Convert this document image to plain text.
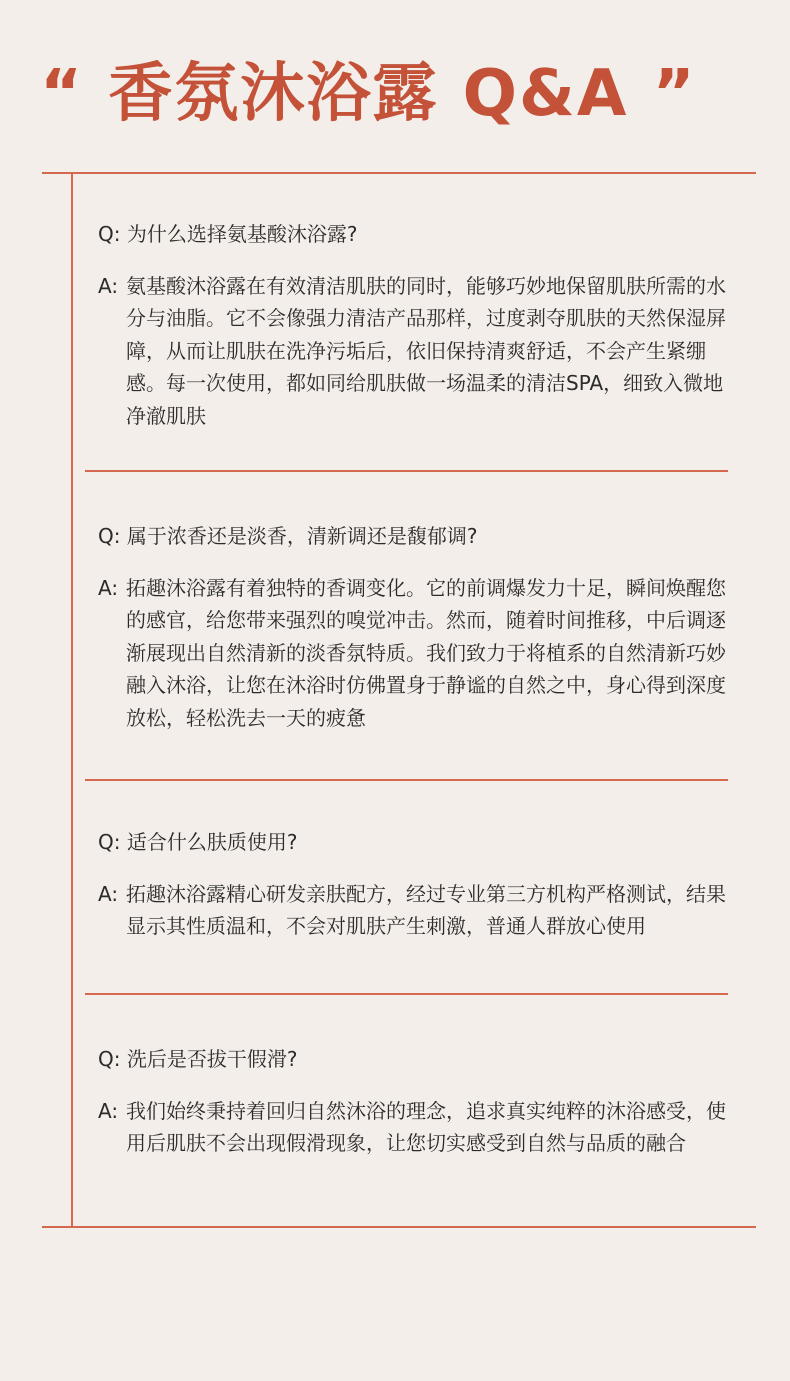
“ 香氛沐浴露 Q&A ”
Q: 为什么选择氨基酸沐浴露?
A: 氨基酸沐浴露在有效清洁肌肤的同时，能够巧妙地保留肌肤所需的水分与油脂。它不会像强力清洁产品那样，过度剥夺肌肤的天然保湿屏障，从而让肌肤在洗净污垢后，依旧保持清爽舒适，不会产生紧绷感。每一次使用，都如同给肌肤做一场温柔的清洁SPA，细致入微地净澈肌肤
Q: 属于浓香还是淡香，清新调还是馥郁调?
A: 拓趣沐浴露有着独特的香调变化。它的前调爆发力十足，瞬间焕醒您的感官，给您带来强烈的嗅觉冲击。然而，随着时间推移，中后调逐渐展现出自然清新的淡香氛特质。我们致力于将植系的自然清新巧妙融入沐浴，让您在沐浴时仿佛置身于静谧的自然之中，身心得到深度放松，轻松洗去一天的疲惫
Q: 适合什么肤质使用?
A: 拓趣沐浴露精心研发亲肤配方，经过专业第三方机构严格测试，结果显示其性质温和，不会对肌肤产生刺激，普通人群放心使用
Q: 洗后是否拔干假滑?
A: 我们始终秉持着回归自然沐浴的理念，追求真实纯粹的沐浴感受，使用后肌肤不会出现假滑现象，让您切实感受到自然与品质的融合
